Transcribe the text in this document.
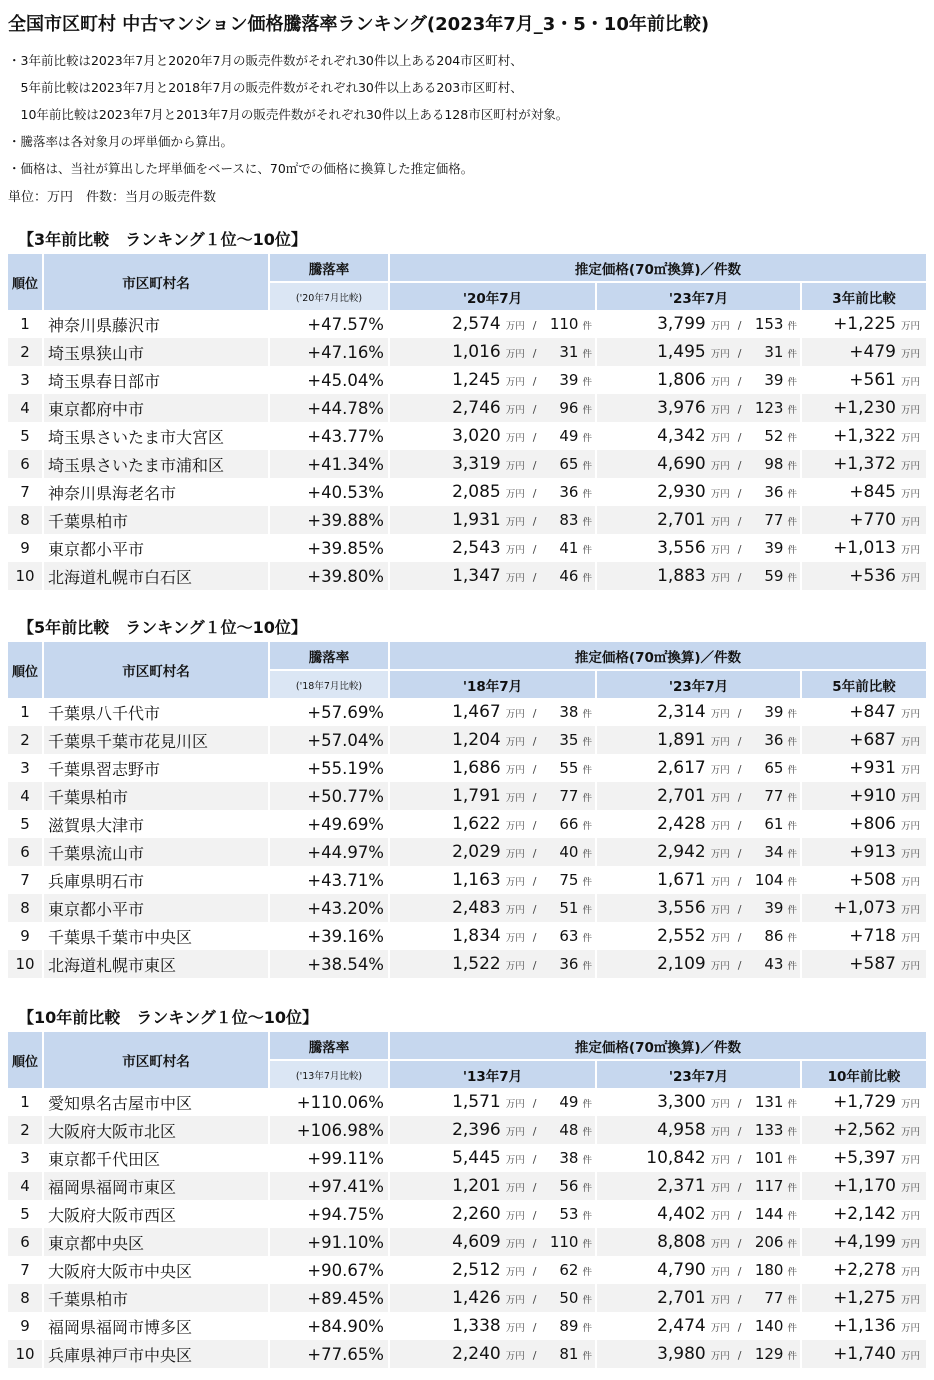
全国市区町村 中古マンション価格騰落率ランキング(2023年7月_3・5・10年前比較)
・3年前比較は2023年7月と2020年7月の販売件数がそれぞれ30件以上ある204市区町村、
　5年前比較は2023年7月と2018年7月の販売件数がそれぞれ30件以上ある203市区町村、
　10年前比較は2023年7月と2013年7月の販売件数がそれぞれ30件以上ある128市区町村が対象。
・騰落率は各対象月の坪単価から算出。
・価格は、当社が算出した坪単価をベースに、70㎡での価格に換算した推定価格。
単位：万円　件数：当月の販売件数
【3年前比較　ランキング１位～10位】
順位	市区町村名	騰落率	推定価格(70㎡換算)／件数		
		('20年7月比較)	'20年7月	'23年7月	3年前比較
1	神奈川県藤沢市	+47.57%	2,574 万円 / 110 件	3,799 万円 / 153 件	+1,225 万円
2	埼玉県狭山市	+47.16%	1,016 万円 / 31 件	1,495 万円 / 31 件	+479 万円
3	埼玉県春日部市	+45.04%	1,245 万円 / 39 件	1,806 万円 / 39 件	+561 万円
4	東京都府中市	+44.78%	2,746 万円 / 96 件	3,976 万円 / 123 件	+1,230 万円
5	埼玉県さいたま市大宮区	+43.77%	3,020 万円 / 49 件	4,342 万円 / 52 件	+1,322 万円
6	埼玉県さいたま市浦和区	+41.34%	3,319 万円 / 65 件	4,690 万円 / 98 件	+1,372 万円
7	神奈川県海老名市	+40.53%	2,085 万円 / 36 件	2,930 万円 / 36 件	+845 万円
8	千葉県柏市	+39.88%	1,931 万円 / 83 件	2,701 万円 / 77 件	+770 万円
9	東京都小平市	+39.85%	2,543 万円 / 41 件	3,556 万円 / 39 件	+1,013 万円
10	北海道札幌市白石区	+39.80%	1,347 万円 / 46 件	1,883 万円 / 59 件	+536 万円
【5年前比較　ランキング１位～10位】
順位	市区町村名	騰落率	推定価格(70㎡換算)／件数		
		('18年7月比較)	'18年7月	'23年7月	5年前比較
1	千葉県八千代市	+57.69%	1,467 万円 / 38 件	2,314 万円 / 39 件	+847 万円
2	千葉県千葉市花見川区	+57.04%	1,204 万円 / 35 件	1,891 万円 / 36 件	+687 万円
3	千葉県習志野市	+55.19%	1,686 万円 / 55 件	2,617 万円 / 65 件	+931 万円
4	千葉県柏市	+50.77%	1,791 万円 / 77 件	2,701 万円 / 77 件	+910 万円
5	滋賀県大津市	+49.69%	1,622 万円 / 66 件	2,428 万円 / 61 件	+806 万円
6	千葉県流山市	+44.97%	2,029 万円 / 40 件	2,942 万円 / 34 件	+913 万円
7	兵庫県明石市	+43.71%	1,163 万円 / 75 件	1,671 万円 / 104 件	+508 万円
8	東京都小平市	+43.20%	2,483 万円 / 51 件	3,556 万円 / 39 件	+1,073 万円
9	千葉県千葉市中央区	+39.16%	1,834 万円 / 63 件	2,552 万円 / 86 件	+718 万円
10	北海道札幌市東区	+38.54%	1,522 万円 / 36 件	2,109 万円 / 43 件	+587 万円
【10年前比較　ランキング１位～10位】
順位	市区町村名	騰落率	推定価格(70㎡換算)／件数		
		('13年7月比較)	'13年7月	'23年7月	10年前比較
1	愛知県名古屋市中区	+110.06%	1,571 万円 / 49 件	3,300 万円 / 131 件	+1,729 万円
2	大阪府大阪市北区	+106.98%	2,396 万円 / 48 件	4,958 万円 / 133 件	+2,562 万円
3	東京都千代田区	+99.11%	5,445 万円 / 38 件	10,842 万円 / 101 件	+5,397 万円
4	福岡県福岡市東区	+97.41%	1,201 万円 / 56 件	2,371 万円 / 117 件	+1,170 万円
5	大阪府大阪市西区	+94.75%	2,260 万円 / 53 件	4,402 万円 / 144 件	+2,142 万円
6	東京都中央区	+91.10%	4,609 万円 / 110 件	8,808 万円 / 206 件	+4,199 万円
7	大阪府大阪市中央区	+90.67%	2,512 万円 / 62 件	4,790 万円 / 180 件	+2,278 万円
8	千葉県柏市	+89.45%	1,426 万円 / 50 件	2,701 万円 / 77 件	+1,275 万円
9	福岡県福岡市博多区	+84.90%	1,338 万円 / 89 件	2,474 万円 / 140 件	+1,136 万円
10	兵庫県神戸市中央区	+77.65%	2,240 万円 / 81 件	3,980 万円 / 129 件	+1,740 万円
